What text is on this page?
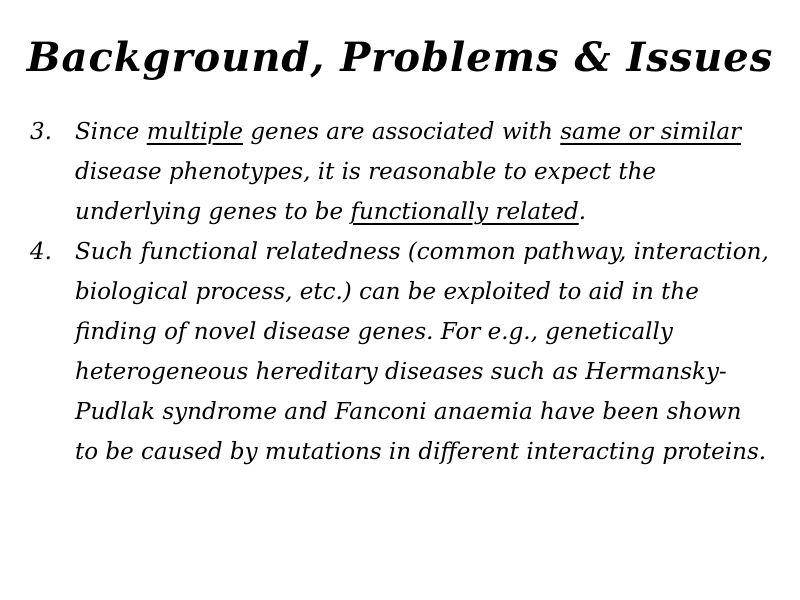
Background, Problems & Issues
3. Since multiple genes are associated with same or similar disease phenotypes, it is reasonable to expect the underlying genes to be functionally related.
4. Such functional relatedness (common pathway, interaction, biological process, etc.) can be exploited to aid in the finding of novel disease genes. For e.g., genetically heterogeneous hereditary diseases such as Hermansky-Pudlak syndrome and Fanconi anaemia have been shown to be caused by mutations in different interacting proteins.
